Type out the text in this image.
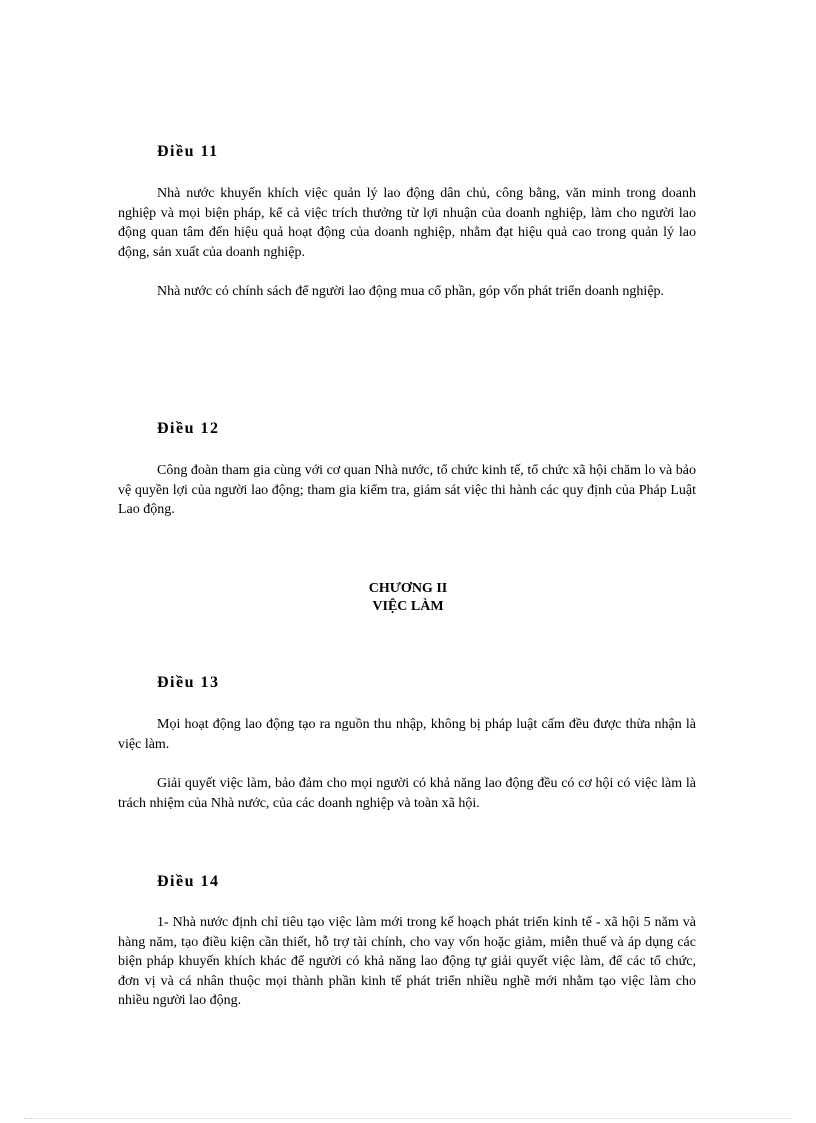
Điều 11

Nhà nước khuyến khích việc quản lý lao động dân chủ, công bằng, văn minh trong doanh nghiệp và mọi biện pháp, kể cả việc trích thưởng từ lợi nhuận của doanh nghiệp, làm cho người lao động quan tâm đến hiệu quả hoạt động của doanh nghiệp, nhằm đạt hiệu quả cao trong quản lý lao động, sản xuất của doanh nghiệp.

Nhà nước có chính sách để người lao động mua cổ phần, góp vốn phát triển doanh nghiệp.

Điều 12

Công đoàn tham gia cùng với cơ quan Nhà nước, tổ chức kinh tế, tổ chức xã hội chăm lo và bảo vệ quyền lợi của người lao động; tham gia kiểm tra, giám sát việc thi hành các quy định của Pháp Luật Lao động.

CHƯƠNG II
VIỆC LÀM
Điều 13

Mọi hoạt động lao động tạo ra nguồn thu nhập, không bị pháp luật cấm đều được thừa nhận là việc làm.

Giải quyết việc làm, bảo đảm cho mọi người có khả năng lao động đều có cơ hội có việc làm là trách nhiệm của Nhà nước, của các doanh nghiệp và toàn xã hội.

Điều 14

1- Nhà nước định chỉ tiêu tạo việc làm mới trong kế hoạch phát triển kinh tế - xã hội 5 năm và hàng năm, tạo điều kiện cần thiết, hỗ trợ tài chính, cho vay vốn hoặc giảm, miễn thuế và áp dụng các biện pháp khuyến khích khác để người có khả năng lao động tự giải quyết việc làm, để các tổ chức, đơn vị và cá nhân thuộc mọi thành phần kinh tế phát triển nhiều nghề mới nhằm tạo việc làm cho nhiều người lao động.
